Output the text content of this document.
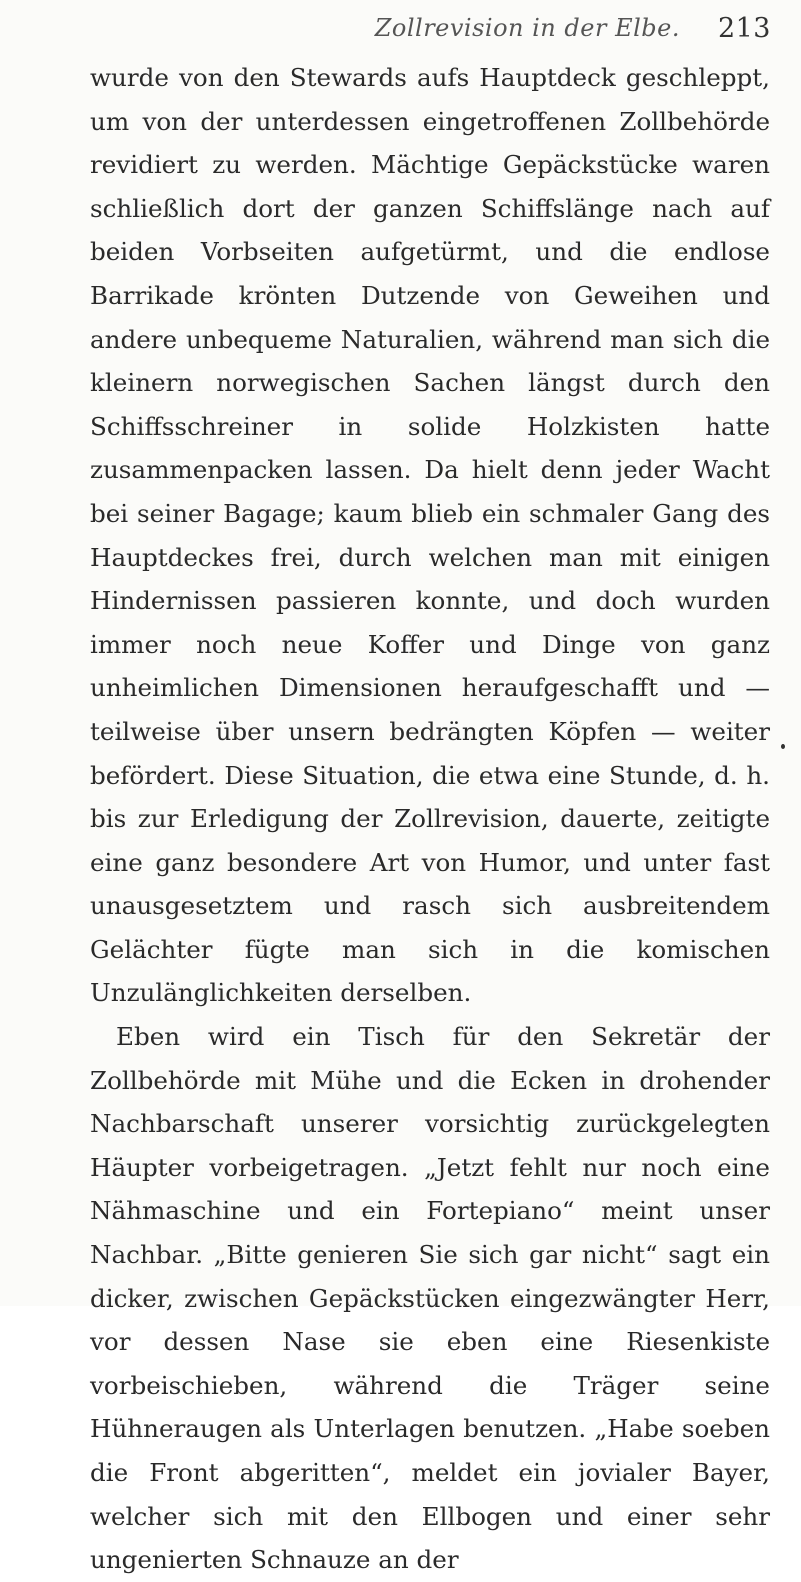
Zollrevision in der Elbe. 213

wurde von den Stewards aufs Hauptdeck geschleppt, um von der unterdessen eingetroffenen Zollbehörde revidiert zu werden. Mächtige Gepäckstücke waren schließlich dort der ganzen Schiffslänge nach auf beiden Vorbseiten aufgetürmt, und die endlose Barrikade krönten Dutzende von Geweihen und andere unbequeme Naturalien, während man sich die kleinern norwegischen Sachen längst durch den Schiffsschreiner in solide Holzkisten hatte zusammenpacken lassen. Da hielt denn jeder Wacht bei seiner Bagage; kaum blieb ein schmaler Gang des Hauptdeckes frei, durch welchen man mit einigen Hindernissen passieren konnte, und doch wurden immer noch neue Koffer und Dinge von ganz unheimlichen Dimensionen heraufgeschafft und — teilweise über unsern bedrängten Köpfen — weiter befördert. Diese Situation, die etwa eine Stunde, d. h. bis zur Erledigung der Zollrevision, dauerte, zeitigte eine ganz besondere Art von Humor, und unter fast unausgesetztem und rasch sich ausbreitendem Gelächter fügte man sich in die komischen Unzulänglichkeiten derselben.

Eben wird ein Tisch für den Sekretär der Zollbehörde mit Mühe und die Ecken in drohender Nachbarschaft unserer vorsichtig zurückgelegten Häupter vorbeigetragen. „Jetzt fehlt nur noch eine Nähmaschine und ein Fortepiano“ meint unser Nachbar. „Bitte genieren Sie sich gar nicht“ sagt ein dicker, zwischen Gepäckstücken eingezwängter Herr, vor dessen Nase sie eben eine Riesenkiste vorbeischieben, während die Träger seine Hühneraugen als Unterlagen benutzen. „Habe soeben die Front abgeritten“, meldet ein jovialer Bayer, welcher sich mit den Ellbogen und einer sehr ungenierten Schnauze an der
